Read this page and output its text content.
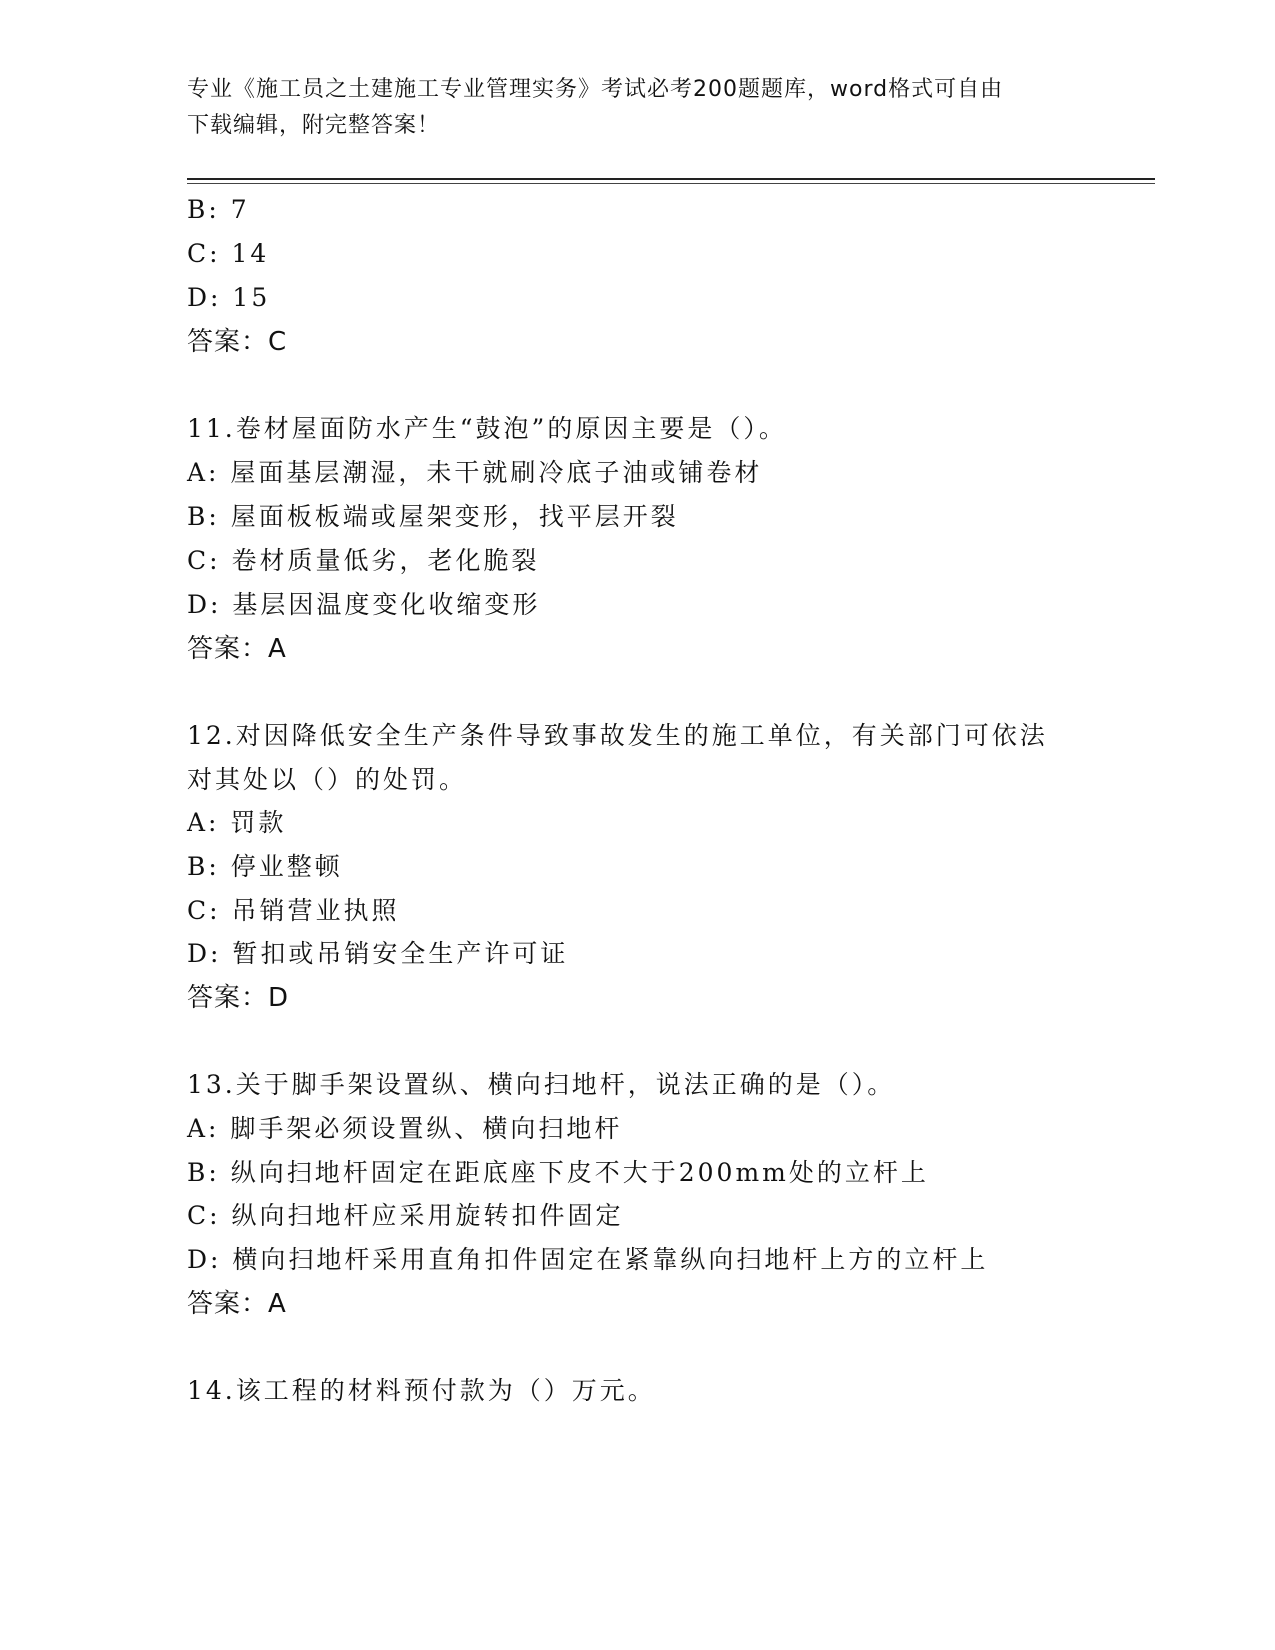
专业《施工员之土建施工专业管理实务》考试必考200题题库，word格式可自由
下载编辑，附完整答案！
B: 7
C: 14
D: 15
答案：C
11.卷材屋面防水产生“鼓泡”的原因主要是（）。
A: 屋面基层潮湿，未干就刷冷底子油或铺卷材
B: 屋面板板端或屋架变形，找平层开裂
C: 卷材质量低劣，老化脆裂
D: 基层因温度变化收缩变形
答案：A
12.对因降低安全生产条件导致事故发生的施工单位，有关部门可依法
对其处以（）的处罚。
A: 罚款
B: 停业整顿
C: 吊销营业执照
D: 暂扣或吊销安全生产许可证
答案：D
13.关于脚手架设置纵、横向扫地杆，说法正确的是（）。
A: 脚手架必须设置纵、横向扫地杆
B: 纵向扫地杆固定在距底座下皮不大于200mm处的立杆上
C: 纵向扫地杆应采用旋转扣件固定
D: 横向扫地杆采用直角扣件固定在紧靠纵向扫地杆上方的立杆上
答案：A
14.该工程的材料预付款为（）万元。
